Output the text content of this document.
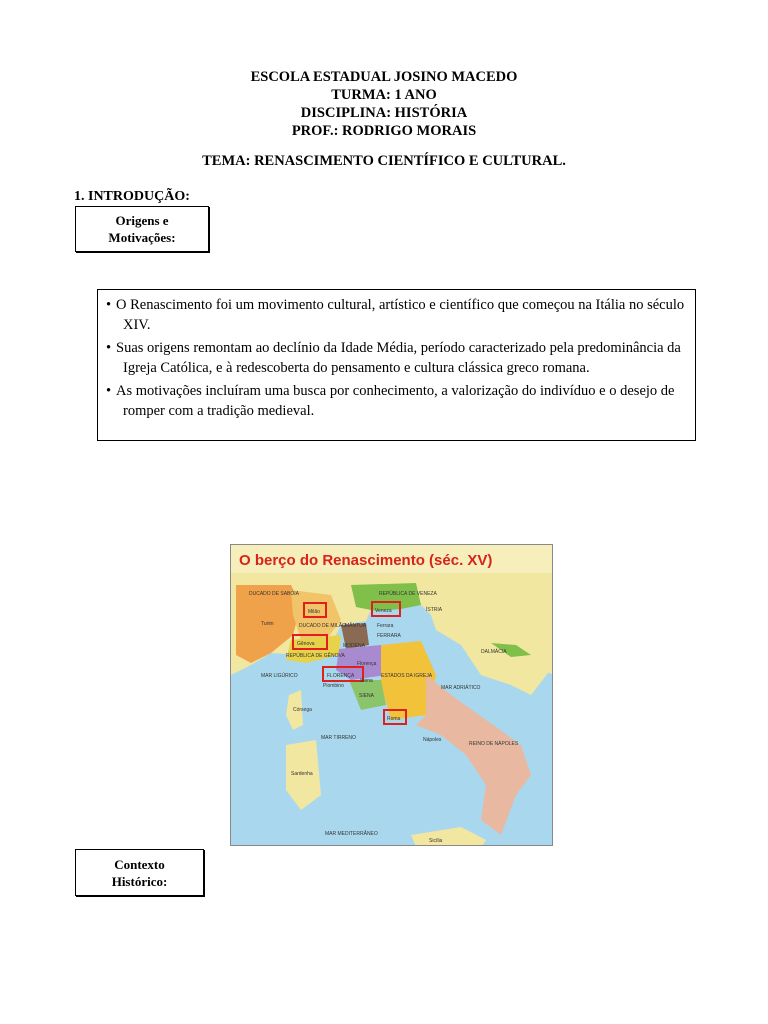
ESCOLA ESTADUAL JOSINO MACEDO
TURMA: 1 ANO
DISCIPLINA: HISTÓRIA
PROF.: RODRIGO MORAIS
TEMA: RENASCIMENTO CIENTÍFICO E CULTURAL.
1. INTRODUÇÃO:
Origens e
Motivações:
• O Renascimento foi um movimento cultural, artístico e científico que começou na Itália no século XIV.
• Suas origens remontam ao declínio da Idade Média, período caracterizado pela predominância da Igreja Católica, e à redescoberta do pensamento e cultura clássica greco romana.
• As motivações incluíram uma busca por conhecimento, a valorização do indivíduo e o desejo de romper com a tradição medieval.
O berço do Renascimento (séc. XV)
DUCADO DE SABÓIA	REPÚBLICA DE VENEZA
Milão	Veneza
DUCADO DE MILÃO MÂNTUA Ferrara
FERRARA
Turim
ÍSTRIA
Gênova
REPÚBLICA DE GÊNOVA
MODENA
DALMÁCIA
Florença
FLORENÇA	ESTADOS DA IGREJA
Siena
SIENA
Piombino
MAR LIGÚRICO
MAR ADRIÁTICO
Córsega
Roma
Nápoles
REINO DE NÁPOLES
MAR TIRRENO
Sardenha
MAR MEDITERRÂNEO
Sicília
Contexto
Histórico:
